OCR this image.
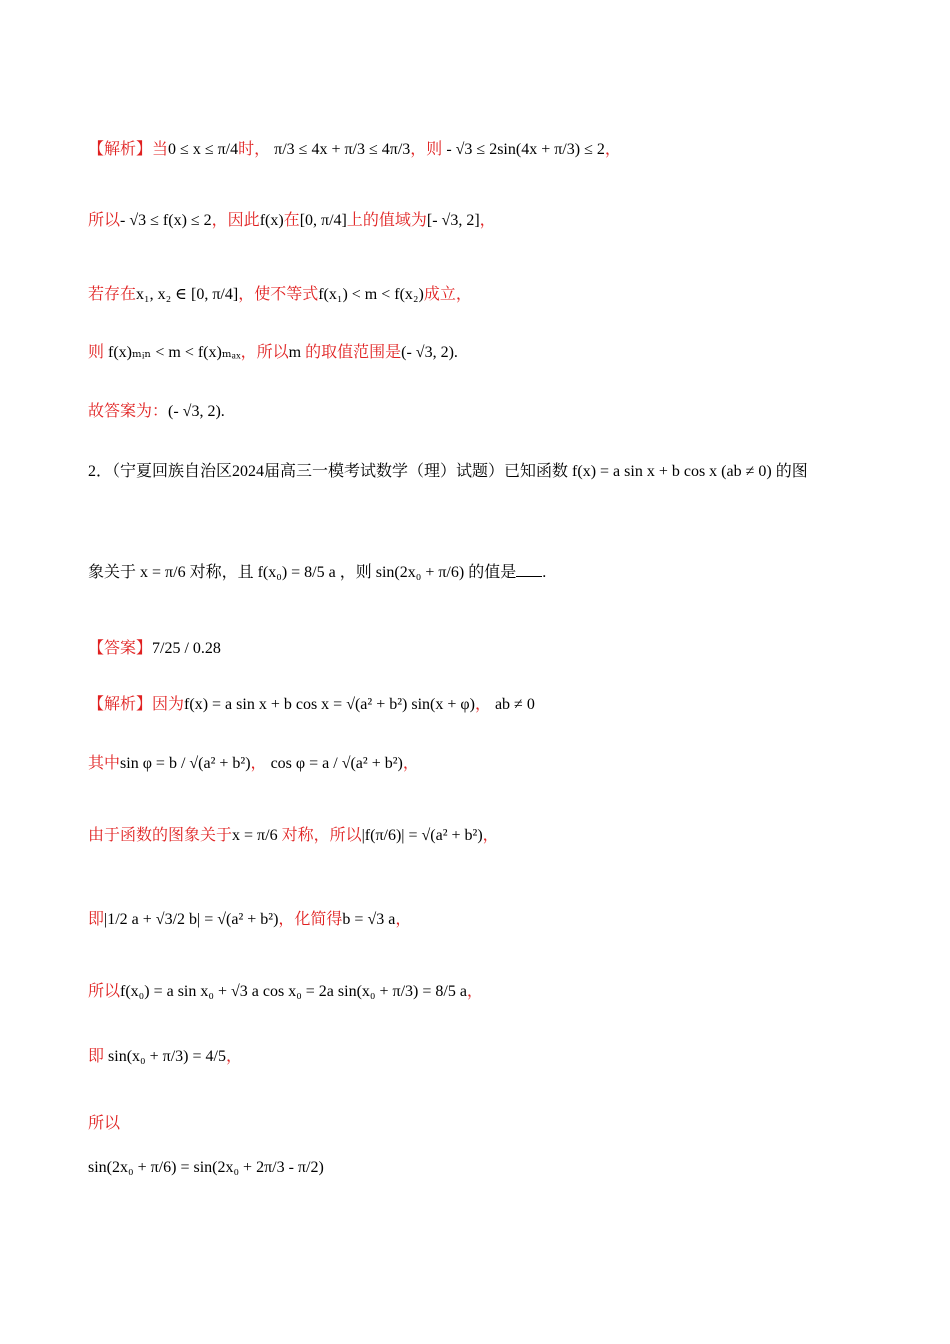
【解析】当0 ≤ x ≤ π/4时， π/3 ≤ 4x + π/3 ≤ 4π/3，则 - √3 ≤ 2sin(4x + π/3) ≤ 2，
所以- √3 ≤ f(x) ≤ 2，因此f(x)在[0, π/4]上的值域为[- √3, 2]，
若存在x₁, x₂ ∈ [0, π/4]，使不等式f(x₁) < m < f(x₂)成立，
则 f(x)ₘᵢₙ < m < f(x)ₘₐₓ，所以m 的取值范围是(- √3, 2).
故答案为：(- √3, 2).
2．（宁夏回族自治区2024届高三一模考试数学（理）试题）已知函数 f(x) = a sin x + b cos x (ab ≠ 0) 的图
象关于 x = π/6 对称，且 f(x₀) = 8/5 a ，则 sin(2x₀ + π/6) 的值是 .
【答案】7/25 / 0.28
【解析】因为f(x) = a sin x + b cos x = √(a² + b²) sin(x + φ)， ab ≠ 0
其中sin φ = b / √(a² + b²)， cos φ = a / √(a² + b²)，
由于函数的图象关于x = π/6 对称，所以|f(π/6)| = √(a² + b²)，
即|1/2 a + √3/2 b| = √(a² + b²)，化简得b = √3 a，
所以f(x₀) = a sin x₀ + √3 a cos x₀ = 2a sin(x₀ + π/3) = 8/5 a，
即 sin(x₀ + π/3) = 4/5，
所以
sin(2x₀ + π/6) = sin(2x₀ + 2π/3 - π/2)
